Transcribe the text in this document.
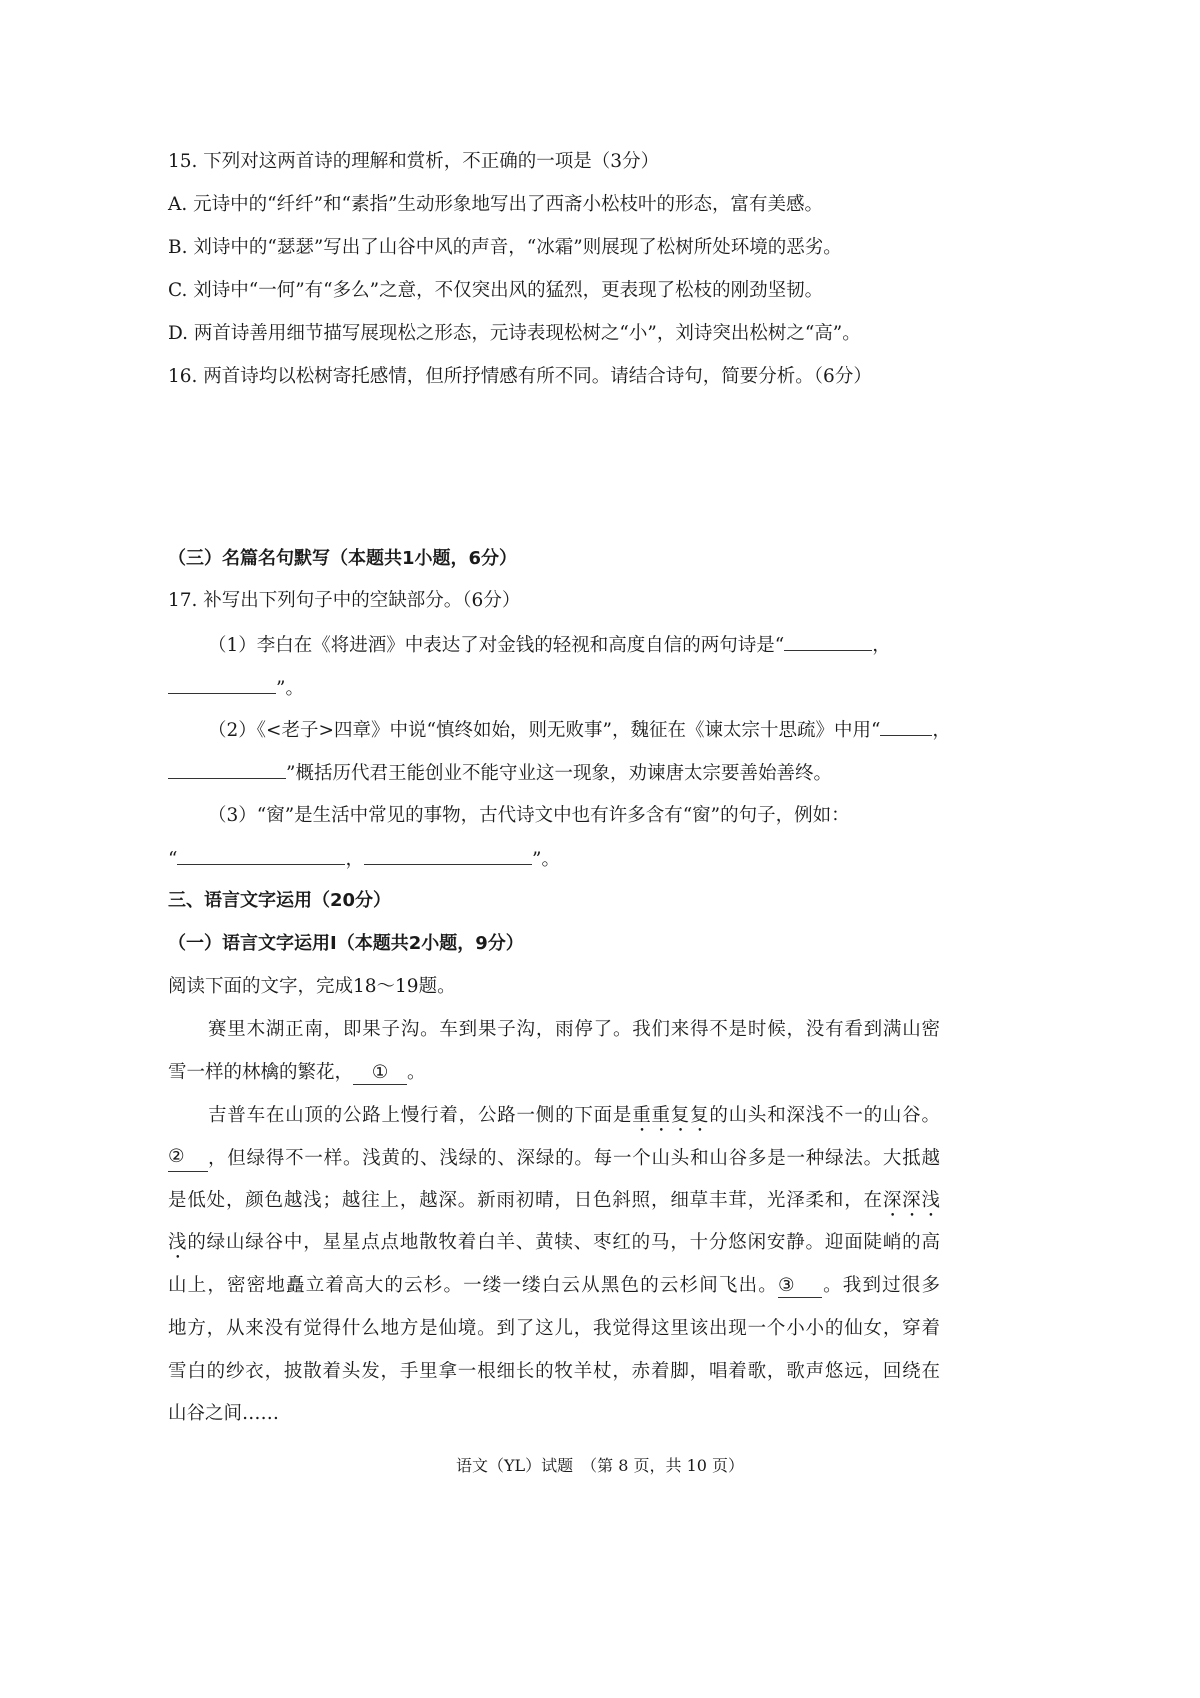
15. 下列对这两首诗的理解和赏析，不正确的一项是（3分）
A. 元诗中的“纤纤”和“素指”生动形象地写出了西斋小松枝叶的形态，富有美感。
B. 刘诗中的“瑟瑟”写出了山谷中风的声音，“冰霜”则展现了松树所处环境的恶劣。
C. 刘诗中“一何”有“多么”之意，不仅突出风的猛烈，更表现了松枝的刚劲坚韧。
D. 两首诗善用细节描写展现松之形态，元诗表现松树之“小”，刘诗突出松树之“高”。
16. 两首诗均以松树寄托感情，但所抒情感有所不同。请结合诗句，简要分析。（6分）
（三）名篇名句默写（本题共1小题，6分）
17. 补写出下列句子中的空缺部分。（6分）
（1）李白在《将进酒》中表达了对金钱的轻视和高度自信的两句诗是“	，
”。
（2）《<老子>四章》中说“慎终如始，则无败事”，魏征在《谏太宗十思疏》中用“	，
”概括历代君王能创业不能守业这一现象，劝谏唐太宗要善始善终。
（3）“窗”是生活中常见的事物，古代诗文中也有许多含有“窗”的句子，例如：
“	，	”。
三、语言文字运用（20分）
（一）语言文字运用Ⅰ（本题共2小题，9分）
阅读下面的文字，完成18～19题。
赛里木湖正南，即果子沟。车到果子沟，雨停了。我们来得不是时候，没有看到满山密
雪一样的林檎的繁花， ① 。
吉普车在山顶的公路上慢行着，公路一侧的下面是重重复复的山头和深浅不一的山谷。
②	，但绿得不一样。浅黄的、浅绿的、深绿的。每一个山头和山谷多是一种绿法。大抵越
是低处，颜色越浅；越往上，越深。新雨初晴，日色斜照，细草丰茸，光泽柔和，在深深浅
浅的绿山绿谷中，星星点点地散牧着白羊、黄犊、枣红的马，十分悠闲安静。迎面陡峭的高
山上，密密地矗立着高大的云杉。一缕一缕白云从黑色的云杉间飞出。③ 。我到过很多
地方，从来没有觉得什么地方是仙境。到了这儿，我觉得这里该出现一个小小的仙女，穿着
雪白的纱衣，披散着头发，手里拿一根细长的牧羊杖，赤着脚，唱着歌，歌声悠远，回绕在
山谷之间……
语文（YL）试题　（第 8 页，共 10 页）
